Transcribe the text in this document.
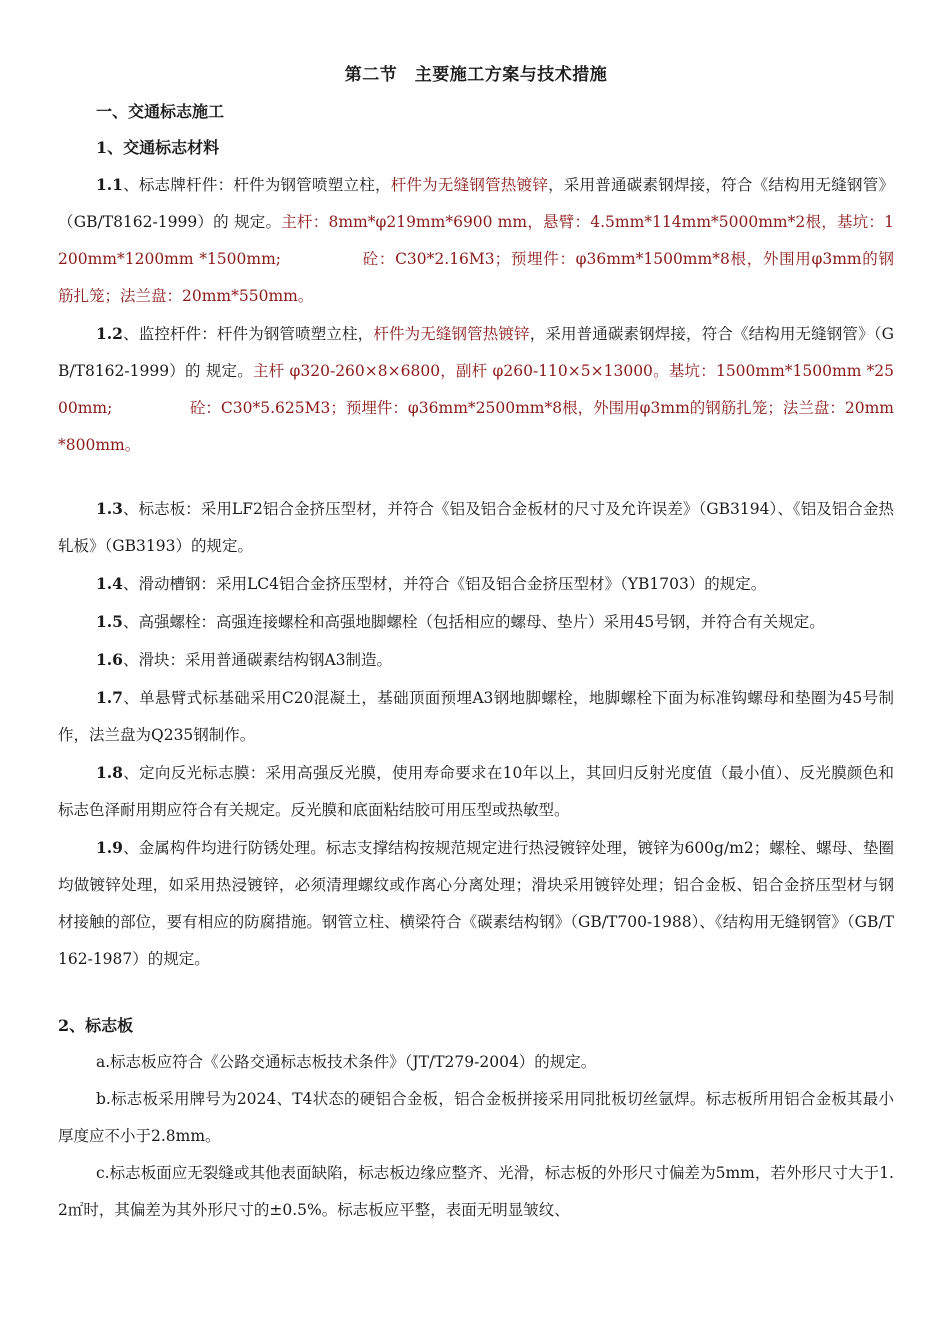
第二节　主要施工方案与技术措施
一、交通标志施工
1、交通标志材料

1.1、标志牌杆件：杆件为钢管喷塑立柱，杆件为无缝钢管热镀锌，采用普通碳素钢焊接，符合《结构用无缝钢管》（GB/T8162-1999）的 规定。主杆：8mm*φ219mm*6900 mm，悬臂：4.5mm*114mm*5000mm*2根，基坑：1200mm*1200mm *1500mm;　　　　　砼：C30*2.16M3；预埋件：φ36mm*1500mm*8根，外围用φ3mm的钢筋扎笼；法兰盘：20mm*550mm。

1.2、监控杆件：杆件为钢管喷塑立柱，杆件为无缝钢管热镀锌，采用普通碳素钢焊接，符合《结构用无缝钢管》（GB/T8162-1999）的 规定。主杆 φ320-260×8×6800，副杆 φ260-110×5×13000。基坑：1500mm*1500mm *2500mm;　　　　　砼：C30*5.625M3；预埋件：φ36mm*2500mm*8根，外围用φ3mm的钢筋扎笼；法兰盘：20mm*800mm。

1.3、标志板：采用LF2铝合金挤压型材，并符合《铝及铝合金板材的尺寸及允许误差》（GB3194）、《铝及铝合金热轧板》（GB3193）的规定。

1.4、滑动槽钢：采用LC4铝合金挤压型材，并符合《铝及铝合金挤压型材》（YB1703）的规定。

1.5、高强螺栓：高强连接螺栓和高强地脚螺栓（包括相应的螺母、垫片）采用45号钢，并符合有关规定。

1.6、滑块：采用普通碳素结构钢A3制造。

1.7、单悬臂式标基础采用C20混凝土，基础顶面预埋A3钢地脚螺栓，地脚螺栓下面为标准钩螺母和垫圈为45号制作，法兰盘为Q235钢制作。

1.8、定向反光标志膜：采用高强反光膜，使用寿命要求在10年以上，其回归反射光度值（最小值）、反光膜颜色和标志色泽耐用期应符合有关规定。反光膜和底面粘结胶可用压型或热敏型。

1.9、金属构件均进行防锈处理。标志支撑结构按规范规定进行热浸镀锌处理，镀锌为600g/m2；螺栓、螺母、垫圈均做镀锌处理，如采用热浸镀锌，必须清理螺纹或作离心分离处理；滑块采用镀锌处理；铝合金板、铝合金挤压型材与钢材接触的部位，要有相应的防腐措施。钢管立柱、横梁符合《碳素结构钢》（GB/T700-1988）、《结构用无缝钢管》（GB/T162-1987）的规定。

2、标志板

a.标志板应符合《公路交通标志板技术条件》（JT/T279-2004）的规定。

b.标志板采用牌号为2024、T4状态的硬铝合金板，铝合金板拼接采用同批板切丝氩焊。标志板所用铝合金板其最小厚度应不小于2.8mm。

c.标志板面应无裂缝或其他表面缺陷，标志板边缘应整齐、光滑，标志板的外形尺寸偏差为5mm，若外形尺寸大于1.2㎡时，其偏差为其外形尺寸的±0.5%。标志板应平整，表面无明显皱纹、
